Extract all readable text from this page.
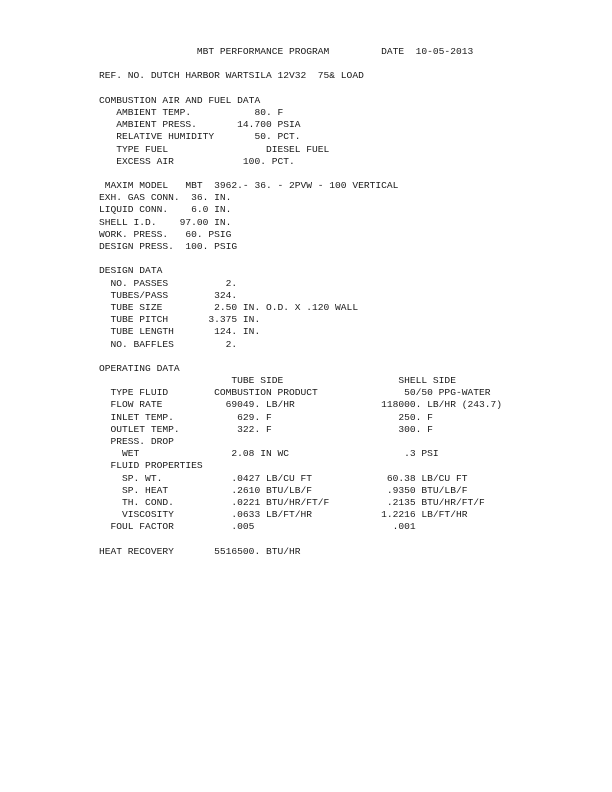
MBT PERFORMANCE PROGRAM         DATE  10-05-2013

REF. NO. DUTCH HARBOR WARTSILA 12V32  75& LOAD

COMBUSTION AIR AND FUEL DATA
AMBIENT TEMP.           80. F
AMBIENT PRESS.       14.700 PSIA
RELATIVE HUMIDITY       50. PCT.
TYPE FUEL                 DIESEL FUEL
EXCESS AIR            100. PCT.

MAXIM MODEL   MBT  3962.- 36. - 2PVW - 100 VERTICAL
EXH. GAS CONN.  36. IN.
LIQUID CONN.    6.0 IN.
SHELL I.D.    97.00 IN.
WORK. PRESS.   60. PSIG
DESIGN PRESS.  100. PSIG

DESIGN DATA
NO. PASSES          2.
TUBES/PASS        324.
TUBE SIZE         2.50 IN. O.D. X .120 WALL
TUBE PITCH       3.375 IN.
TUBE LENGTH       124. IN.
NO. BAFFLES         2.

OPERATING DATA
TUBE SIDE                    SHELL SIDE
TYPE FLUID        COMBUSTION PRODUCT               50/50 PPG-WATER
FLOW RATE           69049. LB/HR               118000. LB/HR (243.7)
INLET TEMP.           629. F                      250. F
OUTLET TEMP.          322. F                      300. F
PRESS. DROP
WET                2.08 IN WC                    .3 PSI
FLUID PROPERTIES
SP. WT.            .0427 LB/CU FT             60.38 LB/CU FT
SP. HEAT           .2610 BTU/LB/F             .9350 BTU/LB/F
TH. COND.          .0221 BTU/HR/FT/F          .2135 BTU/HR/FT/F
VISCOSITY          .0633 LB/FT/HR            1.2216 LB/FT/HR
FOUL FACTOR          .005                        .001

HEAT RECOVERY       5516500. BTU/HR
